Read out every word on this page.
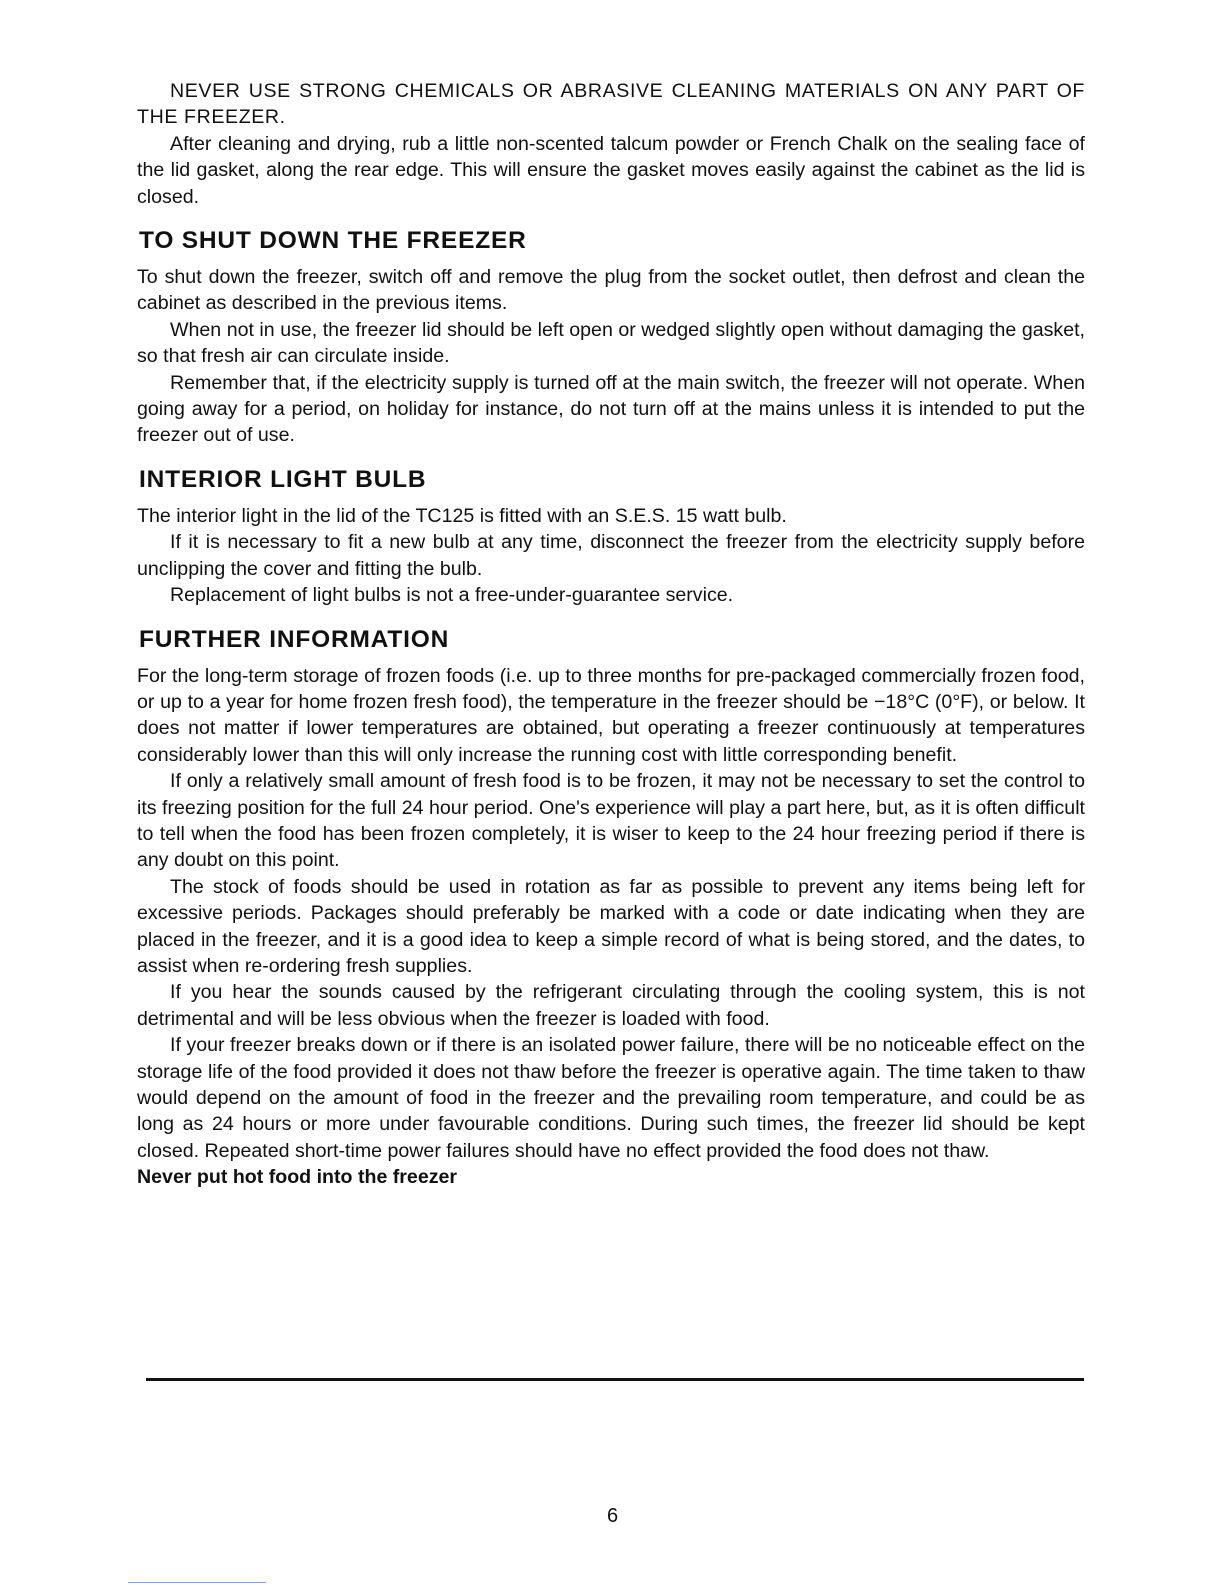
NEVER USE STRONG CHEMICALS OR ABRASIVE CLEANING MATERIALS ON ANY PART OF THE FREEZER.

After cleaning and drying, rub a little non-scented talcum powder or French Chalk on the sealing face of the lid gasket, along the rear edge. This will ensure the gasket moves easily against the cabinet as the lid is closed.

TO SHUT DOWN THE FREEZER

To shut down the freezer, switch off and remove the plug from the socket outlet, then defrost and clean the cabinet as described in the previous items.

When not in use, the freezer lid should be left open or wedged slightly open without damaging the gasket, so that fresh air can circulate inside.

Remember that, if the electricity supply is turned off at the main switch, the freezer will not operate. When going away for a period, on holiday for instance, do not turn off at the mains unless it is intended to put the freezer out of use.

INTERIOR LIGHT BULB

The interior light in the lid of the TC125 is fitted with an S.E.S. 15 watt bulb.

If it is necessary to fit a new bulb at any time, disconnect the freezer from the electricity supply before unclipping the cover and fitting the bulb.

Replacement of light bulbs is not a free-under-guarantee service.

FURTHER INFORMATION

For the long-term storage of frozen foods (i.e. up to three months for pre-packaged commercially frozen food, or up to a year for home frozen fresh food), the temperature in the freezer should be −18°C (0°F), or below. It does not matter if lower temperatures are obtained, but operating a freezer continuously at temperatures considerably lower than this will only increase the running cost with little corresponding benefit.

If only a relatively small amount of fresh food is to be frozen, it may not be necessary to set the control to its freezing position for the full 24 hour period. One's experience will play a part here, but, as it is often difficult to tell when the food has been frozen completely, it is wiser to keep to the 24 hour freezing period if there is any doubt on this point.

The stock of foods should be used in rotation as far as possible to prevent any items being left for excessive periods. Packages should preferably be marked with a code or date indicating when they are placed in the freezer, and it is a good idea to keep a simple record of what is being stored, and the dates, to assist when re-ordering fresh supplies.

If you hear the sounds caused by the refrigerant circulating through the cooling system, this is not detrimental and will be less obvious when the freezer is loaded with food.

If your freezer breaks down or if there is an isolated power failure, there will be no noticeable effect on the storage life of the food provided it does not thaw before the freezer is operative again. The time taken to thaw would depend on the amount of food in the freezer and the prevailing room temperature, and could be as long as 24 hours or more under favourable conditions. During such times, the freezer lid should be kept closed. Repeated short-time power failures should have no effect provided the food does not thaw.

Never put hot food into the freezer

6
